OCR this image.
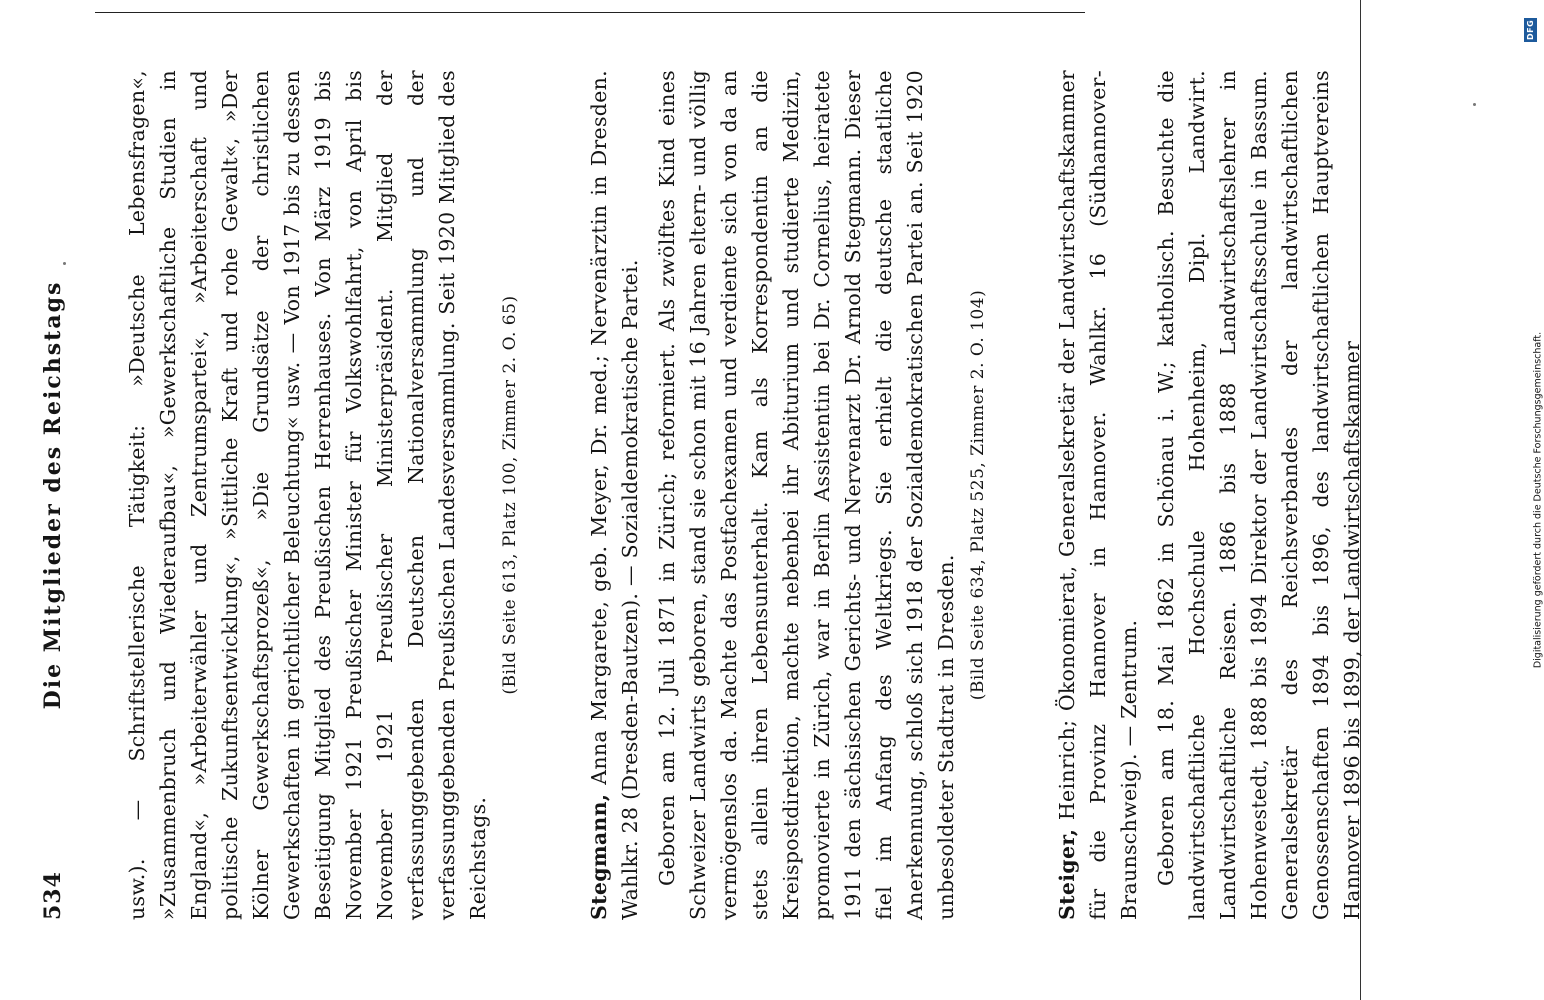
534
Die Mitglieder des Reichstags	usw.). — Schriftstellerische Tätigkeit: »Deutsche Lebensfragen«, »Zusammenbruch und Wiederaufbau«, »Gewerkschaftliche Studien in England«, »Arbeiterwähler und Zentrumspartei«, »Arbeiterschaft und politische Zukunftsentwicklung«, »Sittliche Kraft und rohe Gewalt«, »Der Kölner Gewerkschaftsprozeß«, »Die Grundsätze der christlichen Gewerkschaften in gerichtlicher Beleuchtung« usw. — Von 1917 bis zu dessen Beseitigung Mitglied des Preußischen Herrenhauses. Von März 1919 bis November 1921 Preußischer Minister für Volkswohlfahrt, von April bis November 1921 Preußischer Ministerpräsident. Mitglied der verfassunggebenden Deutschen Nationalversammlung und der verfassunggebenden Preußischen Landesversammlung. Seit 1920 Mitglied des Reichstags.

(Bild Seite 613, Platz 100, Zimmer 2. O. 65)

Stegmann, Anna Margarete, geb. Meyer, Dr. med.; Nervenärztin in Dresden. Wahlkr. 28 (Dresden-Bautzen). — Sozialdemokratische Partei. Geboren am 12. Juli 1871 in Zürich; reformiert. Als zwölftes Kind eines Schweizer Landwirts geboren, stand sie schon mit 16 Jahren eltern- und völlig vermögenslos da. Machte das Postfachexamen und verdiente sich von da an stets allein ihren Lebensunterhalt. Kam als Korrespondentin an die Kreispostdirektion, machte nebenbei ihr Abiturium und studierte Medizin, promovierte in Zürich, war in Berlin Assistentin bei Dr. Cornelius, heiratete 1911 den sächsischen Gerichts- und Nervenarzt Dr. Arnold Stegmann. Dieser fiel im Anfang des Weltkriegs. Sie erhielt die deutsche staatliche Anerkennung, schloß sich 1918 der Sozialdemokratischen Partei an. Seit 1920 unbesoldeter Stadtrat in Dresden.

(Bild Seite 634, Platz 525, Zimmer 2. O. 104)

Steiger, Heinrich; Ökonomierat, Generalsekretär der Landwirtschaftskammer für die Provinz Hannover in Hannover. Wahlkr. 16 (Südhannover-Braunschweig). — Zentrum. Geboren am 18. Mai 1862 in Schönau i. W.; katholisch. Besuchte die landwirtschaftliche Hochschule Hohenheim, Dipl. Landwirt. Landwirtschaftliche Reisen. 1886 bis 1888 Landwirtschaftslehrer in Hohenwestedt, 1888 bis 1894 Direktor der Landwirtschaftsschule in Bassum. Generalsekretär des Reichsverbandes der landwirtschaftlichen Genossenschaften 1894 bis 1896, des landwirtschaftlichen Hauptvereins Hannover 1896 bis 1899, der Landwirtschaftskammer	Digitalisierung gefördert durch die Deutsche Forschungsgemeinschaft.
DFG
